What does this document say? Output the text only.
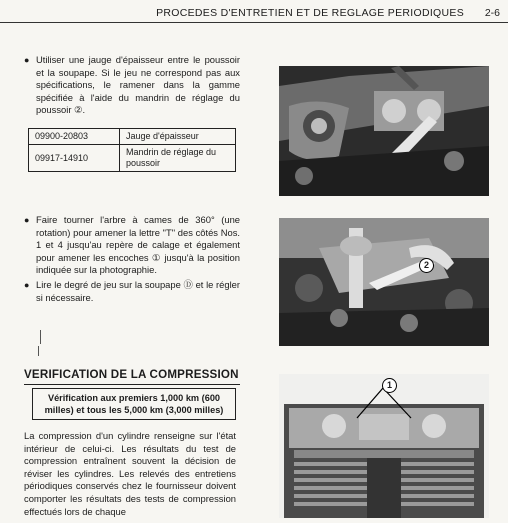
PROCEDES D'ENTRETIEN ET DE REGLAGE PERIODIQUES 2-6
● Utiliser une jauge d'épaisseur entre le poussoir et la soupape. Si le jeu ne correspond pas aux spécifications, le ramener dans la gamme spécifiée à l'aide du mandrin de réglage du poussoir ②.
09900-20803	Jauge d'épaisseur
09917-14910	Mandrin de réglage du poussoir
● Faire tourner l'arbre à cames de 360° (une rotation) pour amener la lettre "T" des côtés Nos. 1 et 4 jusqu'au repère de calage et également pour amener les encoches ① jusqu'à la position indiquée sur la photographie.
● Lire le degré de jeu sur la soupape Ⓓ et le régler si nécessaire.
VERIFICATION DE LA COMPRESSION
Vérification aux premiers 1,000 km (600 milles) et tous les 5,000 km (3,000 milles)
La compression d'un cylindre renseigne sur l'état intérieur de celui-ci. Les résultats du test de compression entraînent souvent la décision de réviser les cylindres. Les relevés des entretiens périodiques conservés chez le fournisseur doivent comporter les résultats des tests de compression effectués lors de chaque
2
1
